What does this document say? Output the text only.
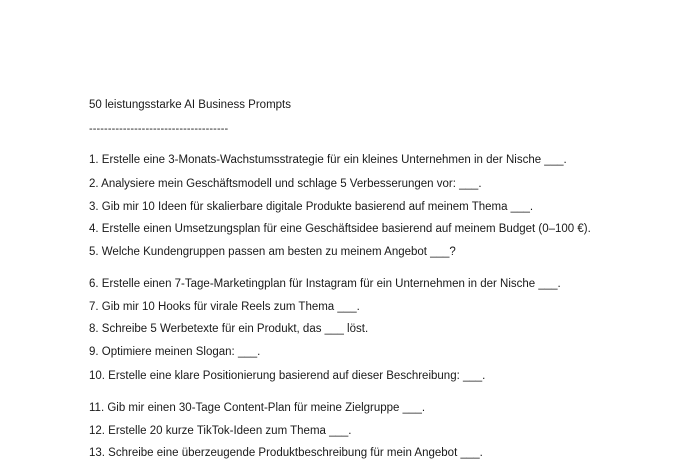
50 leistungsstarke AI Business Prompts
-------------------------------------
1. Erstelle eine 3-Monats-Wachstumsstrategie für ein kleines Unternehmen in der Nische ___.
2. Analysiere mein Geschäftsmodell und schlage 5 Verbesserungen vor: ___.
3. Gib mir 10 Ideen für skalierbare digitale Produkte basierend auf meinem Thema ___.
4. Erstelle einen Umsetzungsplan für eine Geschäftsidee basierend auf meinem Budget (0–100 €).
5. Welche Kundengruppen passen am besten zu meinem Angebot ___?
6. Erstelle einen 7-Tage-Marketingplan für Instagram für ein Unternehmen in der Nische ___.
7. Gib mir 10 Hooks für virale Reels zum Thema ___.
8. Schreibe 5 Werbetexte für ein Produkt, das ___ löst.
9. Optimiere meinen Slogan: ___.
10. Erstelle eine klare Positionierung basierend auf dieser Beschreibung: ___.
11. Gib mir einen 30-Tage Content-Plan für meine Zielgruppe ___.
12. Erstelle 20 kurze TikTok-Ideen zum Thema ___.
13. Schreibe eine überzeugende Produktbeschreibung für mein Angebot ___.
